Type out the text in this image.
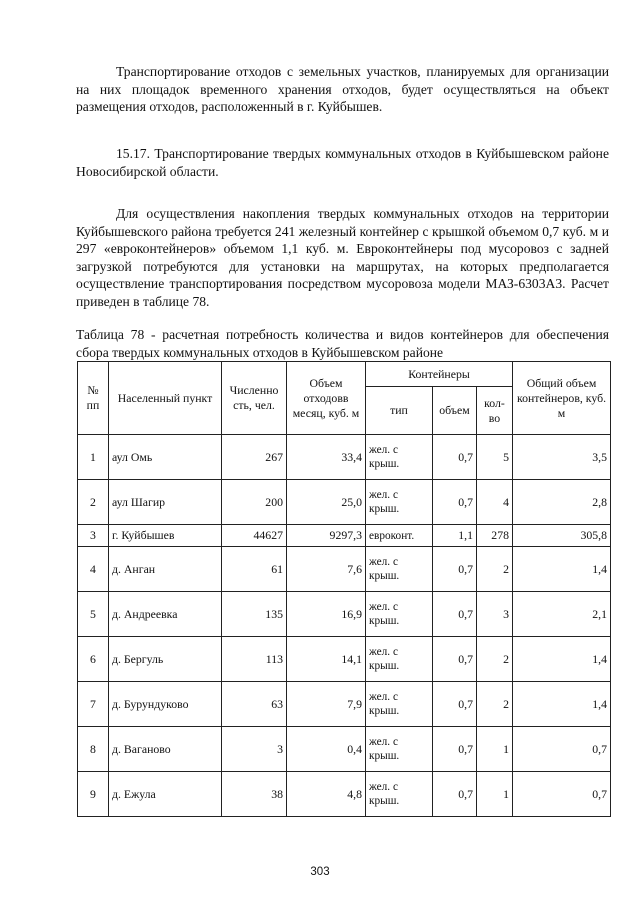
Транспортирование отходов с земельных участков, планируемых для организации на них площадок временного хранения отходов, будет осуществляться на объект размещения отходов, расположенный в г. Куйбышев.

15.17. Транспортирование твердых коммунальных отходов в Куйбышевском районе Новосибирской области.

Для осуществления накопления твердых коммунальных отходов на территории Куйбышевского района требуется 241 железный контейнер с крышкой объемом 0,7 куб. м и 297 «евроконтейнеров» объемом 1,1 куб. м. Евроконтейнеры под мусоровоз с задней загрузкой потребуются для установки на маршрутах, на которых предполагается осуществление транспортирования посредством мусоровоза модели МАЗ-6303А3. Расчет приведен в таблице 78.

Таблица 78 - расчетная потребность количества и видов контейнеров для обеспечения сбора твердых коммунальных отходов в Куйбышевском районе

№ пп	Населенный пункт	Численно сть, чел.	Объем отходовв месяц, куб. м	Контейнеры			Общий объем контейнеров, куб. м
				тип	объем	кол-во	
1	аул Омь	267	33,4	жел. с крыш.	0,7	5	3,5
2	аул Шагир	200	25,0	жел. с крыш.	0,7	4	2,8
3	г. Куйбышев	44627	9297,3	евроконт.	1,1	278	305,8
4	д. Анган	61	7,6	жел. с крыш.	0,7	2	1,4
5	д. Андреевка	135	16,9	жел. с крыш.	0,7	3	2,1
6	д. Бергуль	113	14,1	жел. с крыш.	0,7	2	1,4
7	д. Бурундуково	63	7,9	жел. с крыш.	0,7	2	1,4
8	д. Ваганово	3	0,4	жел. с крыш.	0,7	1	0,7
9	д. Ежула	38	4,8	жел. с крыш.	0,7	1	0,7
303
